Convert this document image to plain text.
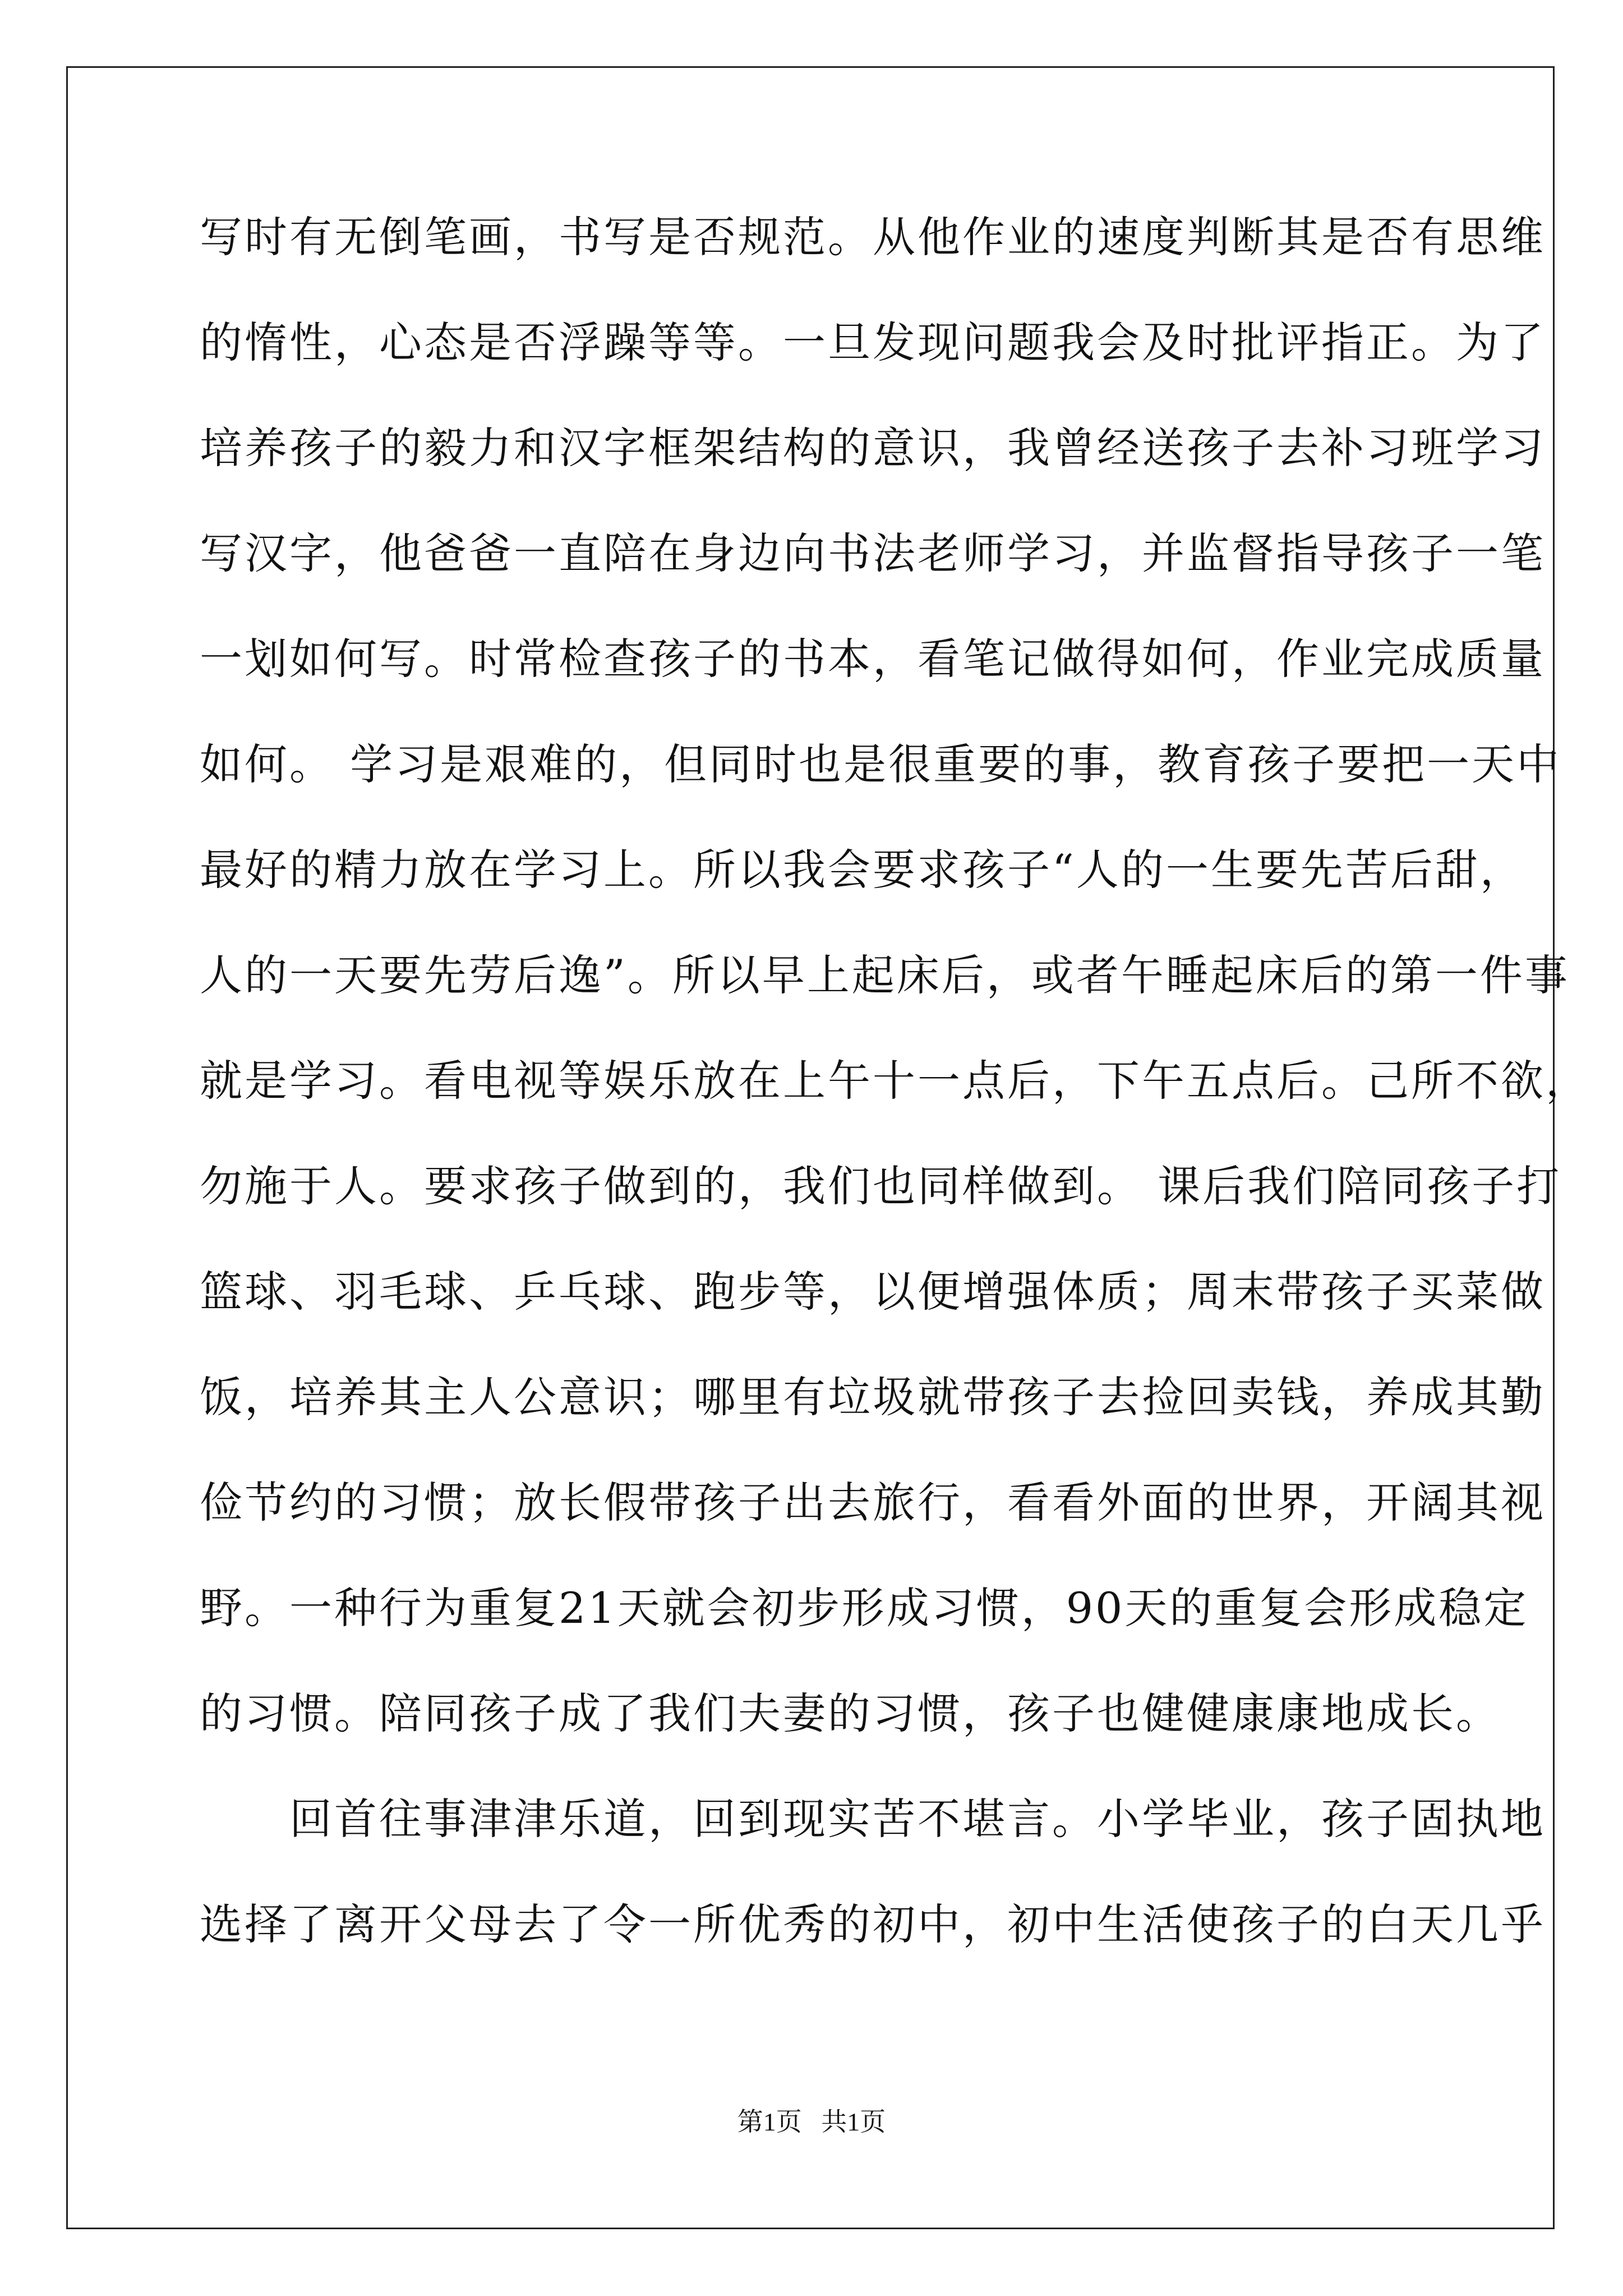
写时有无倒笔画，书写是否规范。从他作业的速度判断其是否有思维
的惰性，心态是否浮躁等等。一旦发现问题我会及时批评指正。为了
培养孩子的毅力和汉字框架结构的意识，我曾经送孩子去补习班学习
写汉字，他爸爸一直陪在身边向书法老师学习，并监督指导孩子一笔
一划如何写。时常检查孩子的书本，看笔记做得如何，作业完成质量
如何。 学习是艰难的，但同时也是很重要的事，教育孩子要把一天中
最好的精力放在学习上。所以我会要求孩子“人的一生要先苦后甜，
人的一天要先劳后逸”。所以早上起床后，或者午睡起床后的第一件事
就是学习。看电视等娱乐放在上午十一点后，下午五点后。己所不欲，
勿施于人。要求孩子做到的，我们也同样做到。 课后我们陪同孩子打
篮球、羽毛球、乒乓球、跑步等，以便增强体质；周末带孩子买菜做
饭，培养其主人公意识；哪里有垃圾就带孩子去捡回卖钱，养成其勤
俭节约的习惯；放长假带孩子出去旅行，看看外面的世界，开阔其视
野。一种行为重复21天就会初步形成习惯，90天的重复会形成稳定
的习惯。陪同孩子成了我们夫妻的习惯，孩子也健健康康地成长。
　　回首往事津津乐道，回到现实苦不堪言。小学毕业，孩子固执地
选择了离开父母去了令一所优秀的初中，初中生活使孩子的白天几乎
第1页   共1页
